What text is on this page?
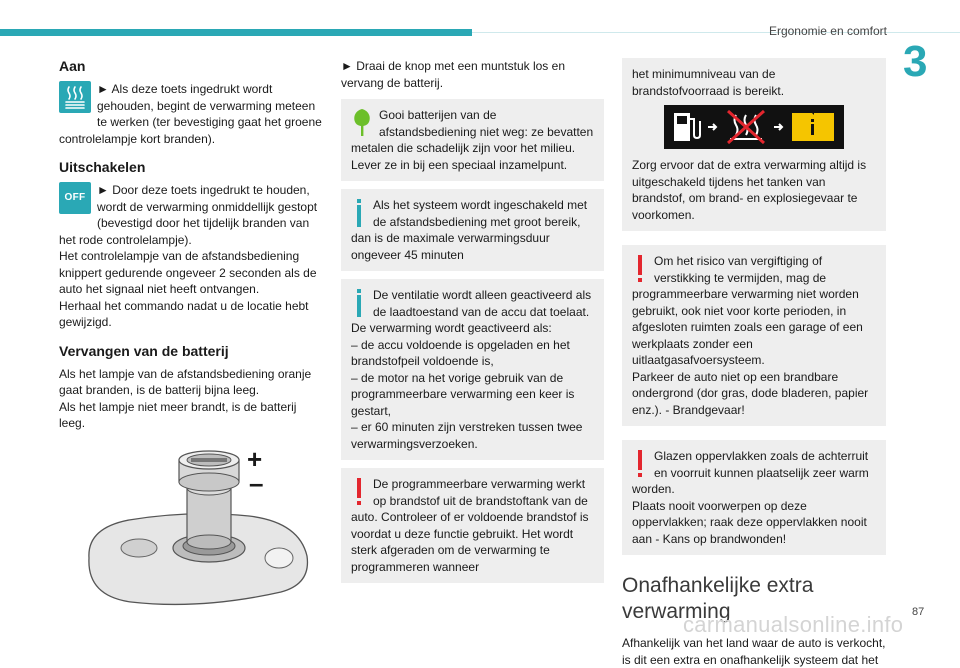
Ergonomie en comfort
3
Aan

► Als deze toets ingedrukt wordt gehouden, begint de verwarming meteen te werken (ter bevestiging gaat het groene controlelampje kort branden).

Uitschakelen
OFF

► Door deze toets ingedrukt te houden, wordt de verwarming onmiddellijk gestopt (bevestigd door het tijdelijk branden van het rode controlelampje).

Het controlelampje van de afstandsbediening knippert gedurende ongeveer 2 seconden als de auto het signaal niet heeft ontvangen.

Herhaal het commando nadat u de locatie hebt gewijzigd.

Vervangen van de batterij

Als het lampje van de afstandsbediening oranje gaat branden, is de batterij bijna leeg.

Als het lampje niet meer brandt, is de batterij leeg.

+
–

► Draai de knop met een muntstuk los en vervang de batterij.

Gooi batterijen van de afstandsbediening niet weg: ze bevatten metalen die schadelijk zijn voor het milieu. Lever ze in bij een speciaal inzamelpunt.

Als het systeem wordt ingeschakeld met de afstandsbediening met groot bereik, dan is de maximale verwarmingsduur ongeveer 45 minuten

De ventilatie wordt alleen geactiveerd als de laadtoestand van de accu dat toelaat.

De verwarming wordt geactiveerd als:

– de accu voldoende is opgeladen en het brandstofpeil voldoende is,

– de motor na het vorige gebruik van de programmeerbare verwarming een keer is gestart,

– er 60 minuten zijn verstreken tussen twee verwarmingsverzoeken.

De programmeerbare verwarming werkt op brandstof uit de brandstoftank van de auto. Controleer of er voldoende brandstof is voordat u deze functie gebruikt. Het wordt sterk afgeraden om de verwarming te programmeren wanneer

het minimumniveau van de brandstofvoorraad is bereikt.

Zorg ervoor dat de extra verwarming altijd is uitgeschakeld tijdens het tanken van brandstof, om brand- en explosiegevaar te voorkomen.

Om het risico van vergiftiging of verstikking te vermijden, mag de programmeerbare verwarming niet worden gebruikt, ook niet voor korte perioden, in afgesloten ruimten zoals een garage of een werkplaats zonder een uitlaatgasafvoersysteem.

Parkeer de auto niet op een brandbare ondergrond (dor gras, dode bladeren, papier enz.). - Brandgevaar!

Glazen oppervlakken zoals de achterruit en voorruit kunnen plaatselijk zeer warm worden.

Plaats nooit voorwerpen op deze oppervlakken; raak deze oppervlakken nooit aan - Kans op brandwonden!

Onafhankelijke extra
verwarming

Afhankelijk van het land waar de auto is verkocht, is dit een extra en onafhankelijk systeem dat het

87
carmanualsonline.info
